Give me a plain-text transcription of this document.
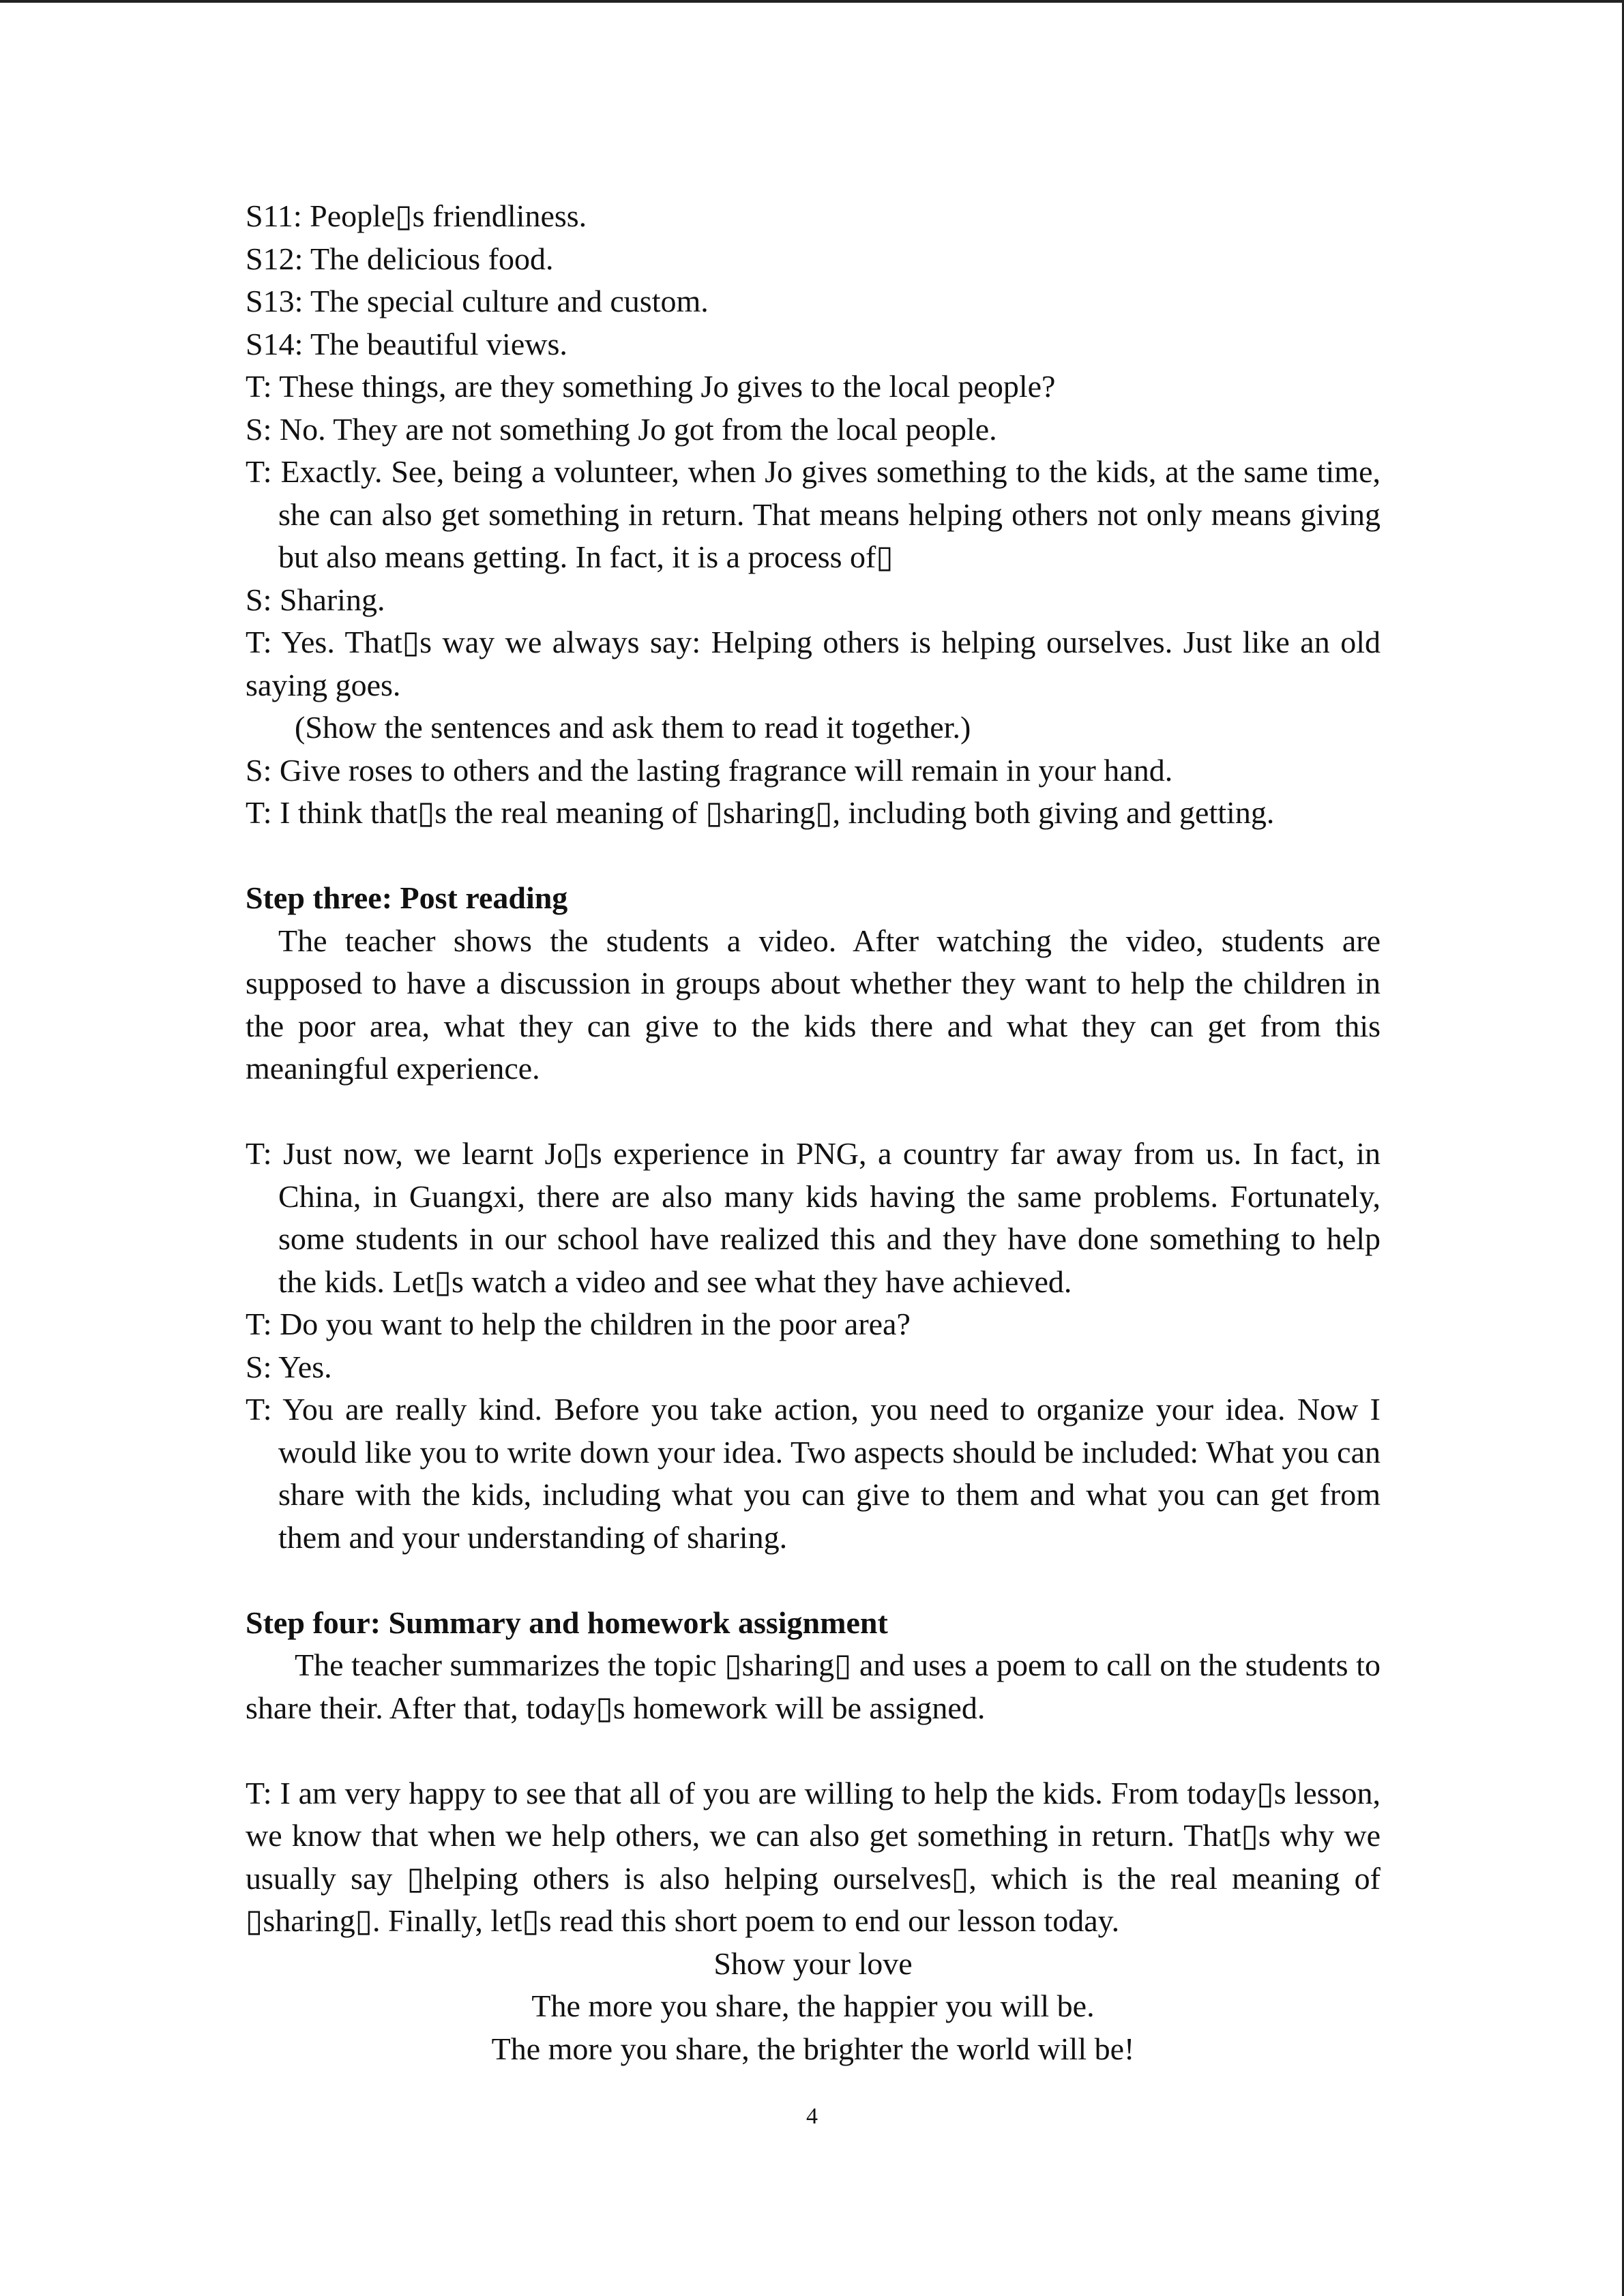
S11: People▯s friendliness.

S12: The delicious food.

S13: The special culture and custom.

S14: The beautiful views.

T: These things, are they something Jo gives to the local people?

S: No. They are not something Jo got from the local people.

T: Exactly. See, being a volunteer, when Jo gives something to the kids, at the same time, she can also get something in return. That means helping others not only means giving but also means getting. In fact, it is a process of▯

S: Sharing.

T: Yes. That▯s way we always say: Helping others is helping ourselves. Just like an old saying goes.

(Show the sentences and ask them to read it together.)

S: Give roses to others and the lasting fragrance will remain in your hand.

T: I think that▯s the real meaning of ▯sharing▯, including both giving and getting.

Step three: Post reading

The teacher shows the students a video. After watching the video, students are supposed to have a discussion in groups about whether they want to help the children in the poor area, what they can give to the kids there and what they can get from this meaningful experience.

T: Just now, we learnt Jo▯s experience in PNG, a country far away from us. In fact, in China, in Guangxi, there are also many kids having the same problems. Fortunately, some students in our school have realized this and they have done something to help the kids. Let▯s watch a video and see what they have achieved.

T: Do you want to help the children in the poor area?

S: Yes.

T: You are really kind. Before you take action, you need to organize your idea. Now I would like you to write down your idea. Two aspects should be included: What you can share with the kids, including what you can give to them and what you can get from them and your understanding of sharing.

Step four: Summary and homework assignment

The teacher summarizes the topic ▯sharing▯ and uses a poem to call on the students to share their. After that, today▯s homework will be assigned.

T: I am very happy to see that all of you are willing to help the kids. From today▯s lesson, we know that when we help others, we can also get something in return. That▯s why we usually say ▯helping others is also helping ourselves▯, which is the real meaning of ▯sharing▯. Finally, let▯s read this short poem to end our lesson today.

Show your love

The more you share, the happier you will be.

The more you share, the brighter the world will be!

4
